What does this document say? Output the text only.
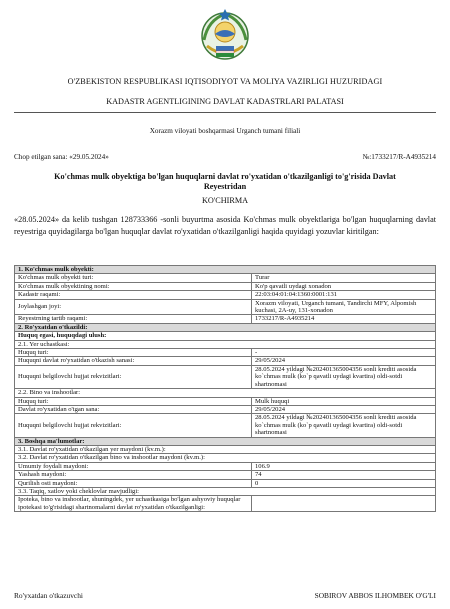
O'ZBEKISTON RESPUBLIKASI IQTISODIYOT VA MOLIYA VAZIRLIGI HUZURIDAGI
KADASTR AGENTLIGINING DAVLAT KADASTRLARI PALATASI
Xorazm viloyati boshqarmasi Urganch tumani filiali
Chop etilgan sana: «29.05.2024»	№:1733217/R-A4935214
Ko'chmas mulk obyektiga bo'lgan huquqlarni davlat ro'yxatidan o'tkazilganligi to'g'risida Davlat Reyestridan
KO'CHIRMA
«28.05.2024» da kelib tushgan 128733366 -sonli buyurtma asosida Ko'chmas mulk obyektlariga bo'lgan huquqlarning davlat reyestriga quyidagilarga bo'lgan huquqlar davlat ro'yxatidan o'tkazilganligi haqida quyidagi yozuvlar kiritilgan:
1. Ko'chmas mulk obyekti:	
Ko'chmas mulk obyekti turi:	Turar
Ko'chmas mulk obyektining nomi:	Ko'p qavatli uydagi xonadon
Kadastr raqami:	22:03:04:01:04:1360:0001:131
Joylashgan joyi:	Xorazm viloyati, Urganch tumani, Tandirchi MFY, Alpomish kuchasi, 2A-uy, 131-xonadon
Reyestrning tartib raqami:	1733217/R-A4935214
2. Ro'yxatdan o'tkazildi:	
Huquq egasi, huquqdagi ulush:	
2.1. Yer uchastkasi:	
Huquq turi:	-
Huquqni davlat ro'yxatidan o'tkazish sanasi:	29/05/2024
Huquqni belgilovchi hujjat rekvizitlari:	28.05.2024 yildagi №202401365004356 sonli krediti asosida ko`chmas mulk (ko`p qavatli uydagi kvartira) oldi-sotdi shartnomasi
2.2. Bino va inshootlar:	
Huquq turi:	Mulk huquqi
Davlat ro'yxatidan o'tgan sana:	29/05/2024
Huquqni belgilovchi hujjat rekvizitlari:	28.05.2024 yildagi №202401365004356 sonli krediti asosida ko`chmas mulk (ko`p qavatli uydagi kvartira) oldi-sotdi shartnomasi
3. Boshqa ma'lumotlar:	
3.1. Davlat ro'yxatidan o'tkazilgan yer maydoni (kv.m.):	
3.2. Davlat ro'yxatidan o'tkazilgan bino va inshootlar maydoni (kv.m.):	
Umumiy foydali maydoni:	106.9
Yashash maydoni:	74
Qurilish osti maydoni:	0
3.3. Taqiq, xatlov yoki cheklovlar mavjudligi:	
Ipoteka, bino va inshootlar, shuningdek, yer uchastkasiga bo'lgan ashyoviy huquqlar ipotekasi to'g'risidagi shartnomalarni davlat ro'yxatidan o'tkazilganligi:	
Ro'yxatdan o'tkazuvchi	SOBIROV ABBOS ILHOMBEK O'G'LI
